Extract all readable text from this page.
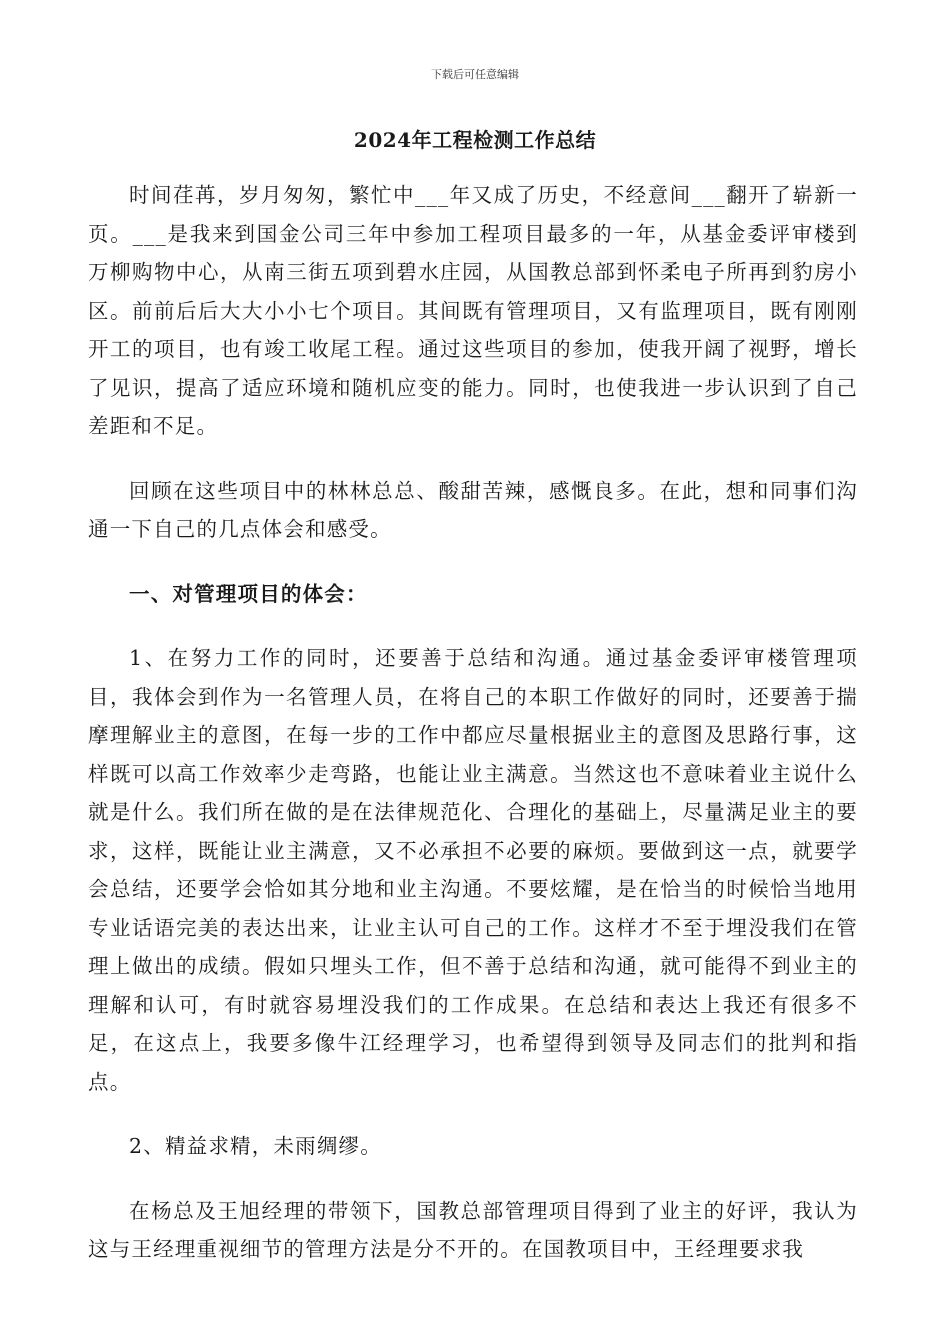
下载后可任意编辑
2024年工程检测工作总结

时间荏苒，岁月匆匆，繁忙中___年又成了历史，不经意间___翻开了崭新一页。___是我来到国金公司三年中参加工程项目最多的一年，从基金委评审楼到万柳购物中心，从南三街五项到碧水庄园，从国教总部到怀柔电子所再到豹房小区。前前后后大大小小七个项目。其间既有管理项目，又有监理项目，既有刚刚开工的项目，也有竣工收尾工程。通过这些项目的参加，使我开阔了视野，增长了见识，提高了适应环境和随机应变的能力。同时，也使我进一步认识到了自己差距和不足。

回顾在这些项目中的林林总总、酸甜苦辣，感慨良多。在此，想和同事们沟通一下自己的几点体会和感受。

一、对管理项目的体会：

1、在努力工作的同时，还要善于总结和沟通。通过基金委评审楼管理项目，我体会到作为一名管理人员，在将自己的本职工作做好的同时，还要善于揣摩理解业主的意图，在每一步的工作中都应尽量根据业主的意图及思路行事，这样既可以高工作效率少走弯路，也能让业主满意。当然这也不意味着业主说什么就是什么。我们所在做的是在法律规范化、合理化的基础上，尽量满足业主的要求，这样，既能让业主满意，又不必承担不必要的麻烦。要做到这一点，就要学会总结，还要学会恰如其分地和业主沟通。不要炫耀，是在恰当的时候恰当地用专业话语完美的表达出来，让业主认可自己的工作。这样才不至于埋没我们在管理上做出的成绩。假如只埋头工作，但不善于总结和沟通，就可能得不到业主的理解和认可，有时就容易埋没我们的工作成果。在总结和表达上我还有很多不足，在这点上，我要多像牛江经理学习，也希望得到领导及同志们的批判和指点。

2、精益求精，未雨绸缪。

在杨总及王旭经理的带领下，国教总部管理项目得到了业主的好评，我认为这与王经理重视细节的管理方法是分不开的。在国教项目中，王经理要求我
